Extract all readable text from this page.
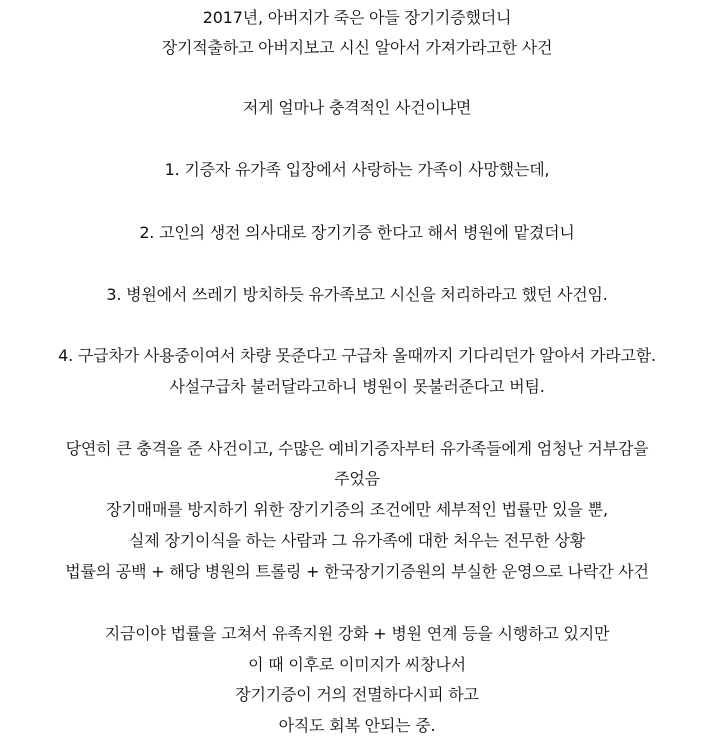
2017년, 아버지가 죽은 아들 장기기증했더니
장기적출하고 아버지보고 시신 알아서 가져가라고한 사건
저게 얼마나 충격적인 사건이냐면
1. 기증자 유가족 입장에서 사랑하는 가족이 사망했는데,
2. 고인의 생전 의사대로 장기기증 한다고 해서 병원에 맡겼더니
3. 병원에서 쓰레기 방치하듯 유가족보고 시신을 처리하라고 했던 사건임.
4. 구급차가 사용중이여서 차량 못준다고 구급차 올때까지 기다리던가 알아서 가라고함.
사설구급차 불러달라고하니 병원이 못불러준다고 버팀.
당연히 큰 충격을 준 사건이고, 수많은 예비기증자부터 유가족들에게 엄청난 거부감을
주었음
장기매매를 방지하기 위한 장기기증의 조건에만 세부적인 법률만 있을 뿐,
실제 장기이식을 하는 사람과 그 유가족에 대한 처우는 전무한 상황
법률의 공백 + 해당 병원의 트롤링 + 한국장기기증원의 부실한 운영으로 나락간 사건
지금이야 법률을 고쳐서 유족지원 강화 + 병원 연계 등을 시행하고 있지만
이 때 이후로 이미지가 씨창나서
장기기증이 거의 전멸하다시피 하고
아직도 회복 안되는 중.
